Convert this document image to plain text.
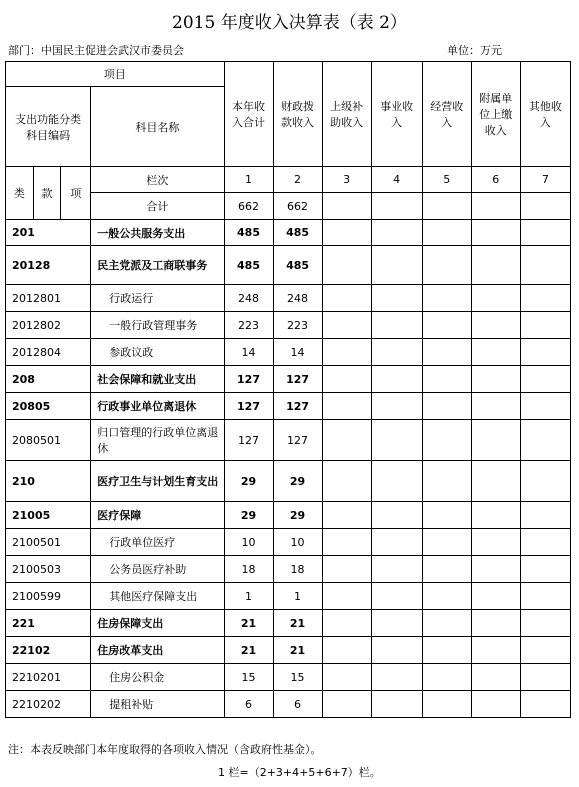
2015 年度收入决算表（表 2）
部门：中国民主促进会武汉市委员会	单位：万元
项目				本年收入合计	财政拨款收入	上级补助收入	事业收入	经营收入	附属单位上缴收入	其他收入
支出功能分类科目编码			科目名称							

类	款	项	栏次	1	2	3	4	5	6	7
			合计	662	662					
201			一般公共服务支出	485	485					
20128			民主党派及工商联事务	485	485					
2012801			行政运行	248	248					
2012802			一般行政管理事务	223	223					
2012804			参政议政	14	14					
208			社会保障和就业支出	127	127					
20805			行政事业单位离退休	127	127					
2080501			归口管理的行政单位离退休	127	127					
210			医疗卫生与计划生育支出	29	29					
21005			医疗保障	29	29					
2100501			行政单位医疗	10	10					
2100503			公务员医疗补助	18	18					
2100599			其他医疗保障支出	1	1					
221			住房保障支出	21	21					
22102			住房改革支出	21	21					
2210201			住房公积金	15	15					
2210202			提租补贴	6	6					
注：本表反映部门本年度取得的各项收入情况（含政府性基金）。
1 栏=（2+3+4+5+6+7）栏。
